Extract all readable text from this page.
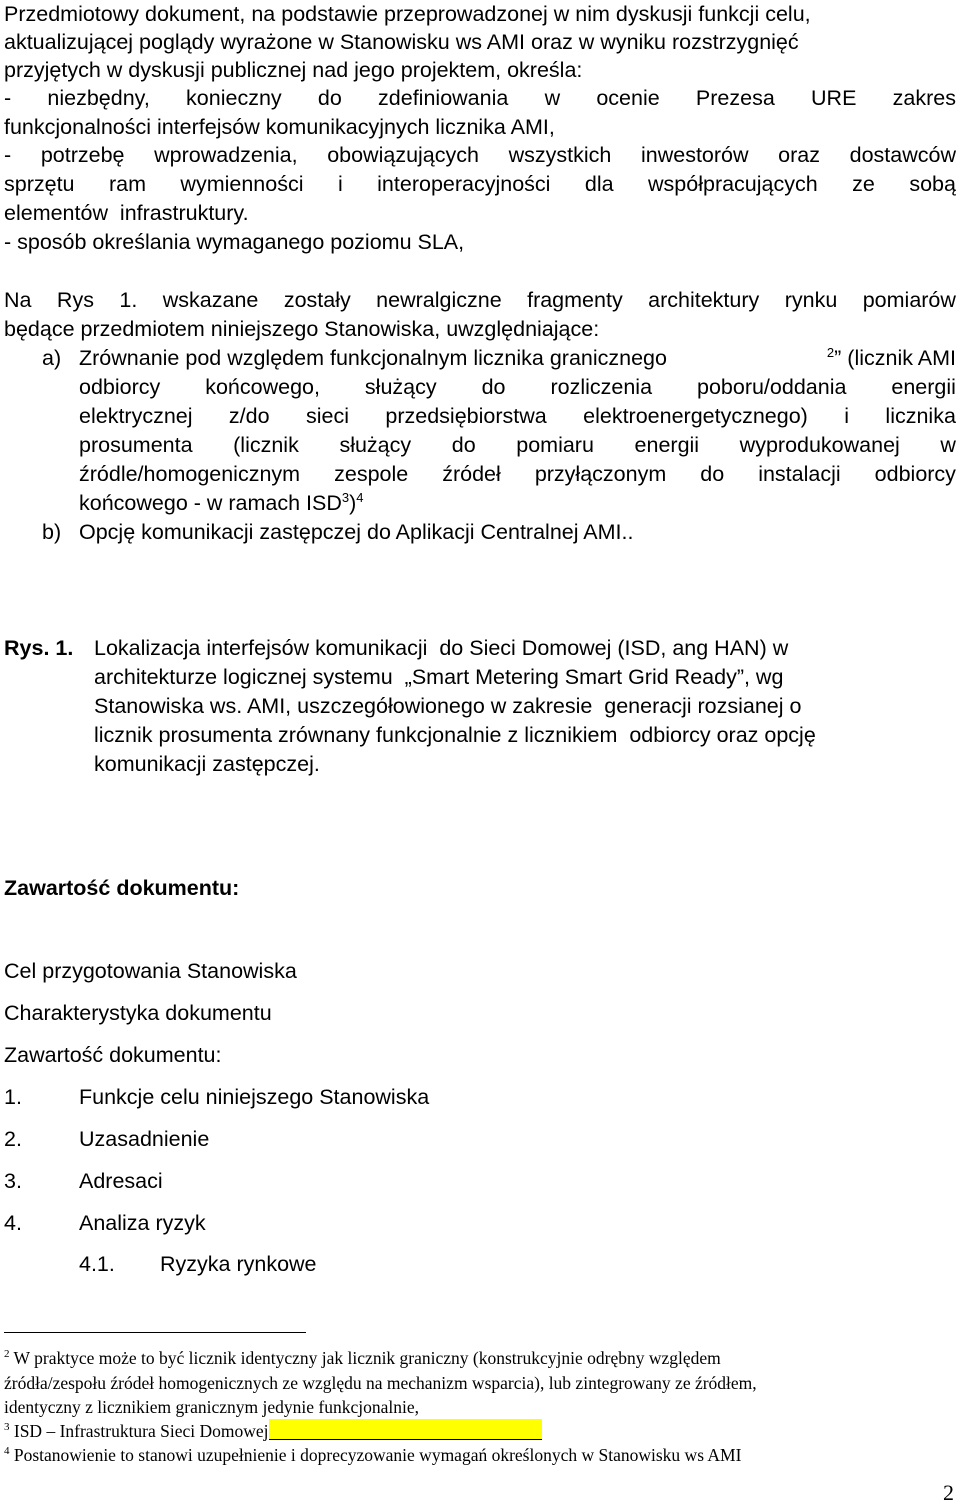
Przedmiotowy dokument, na podstawie przeprowadzonej w nim dyskusji funkcji celu,
aktualizującej poglądy wyrażone w Stanowisku ws AMI oraz w wyniku rozstrzygnięć
przyjętych w dyskusji publicznej nad jego projektem, określa:
- niezbędny, konieczny do zdefiniowania w ocenie Prezesa URE zakres
funkcjonalności interfejsów komunikacyjnych licznika AMI,
- potrzebę wprowadzenia, obowiązujących wszystkich inwestorów oraz dostawców
sprzętu ram wymienności i interoperacyjności dla współpracujących ze sobą
elementów  infrastruktury.
- sposób określania wymaganego poziomu SLA,
Na Rys 1. wskazane zostały newralgiczne fragmenty architektury rynku pomiarów
będące przedmiotem niniejszego Stanowiska, uwzględniające:
a) Zrównanie pod względem funkcjonalnym licznika granicznego	$^2$” (licznik AMI
odbiorcy końcowego, służący do rozliczenia poboru/oddania energii
elektrycznej z/do sieci przedsiębiorstwa elektroenergetycznego) i licznika
prosumenta (licznik służący do pomiaru energii wyprodukowanej w
źródle/homogenicznym zespole źródeł przyłączonym do instalacji odbiorcy
końcowego - w ramach ISD$^3$)$^4$
b) Opcję komunikacji zastępczej do Aplikacji Centralnej AMI..
Rys. 1. Lokalizacja interfejsów komunikacji  do Sieci Domowej (ISD, ang HAN) w
architekturze logicznej systemu  „Smart Metering Smart Grid Ready”, wg
Stanowiska ws. AMI, uszczegółowionego w zakresie  generacji rozsianej o
licznik prosumenta zrównany funkcjonalnie z licznikiem  odbiorcy oraz opcję
komunikacji zastępczej.
Zawartość dokumentu:
Cel przygotowania Stanowiska
Charakterystyka dokumentu
Zawartość dokumentu:
1.	Funkcje celu niniejszego Stanowiska
2.	Uzasadnienie
3.	Adresaci
4.	Analiza ryzyk
4.1. Ryzyka rynkowe
$^2$ W praktyce może to być licznik identyczny jak licznik graniczny (konstrukcyjnie odrębny względem
źródła/zespołu źródeł homogenicznych ze względu na mechanizm wsparcia), lub zintegrowany ze źródłem,
identyczny z licznikiem granicznym jedynie funkcjonalnie,
$^3$ ISD – Infrastruktura Sieci Domowej
$^4$ Postanowienie to stanowi uzupełnienie i doprecyzowanie wymagań określonych w Stanowisku ws AMI
2
